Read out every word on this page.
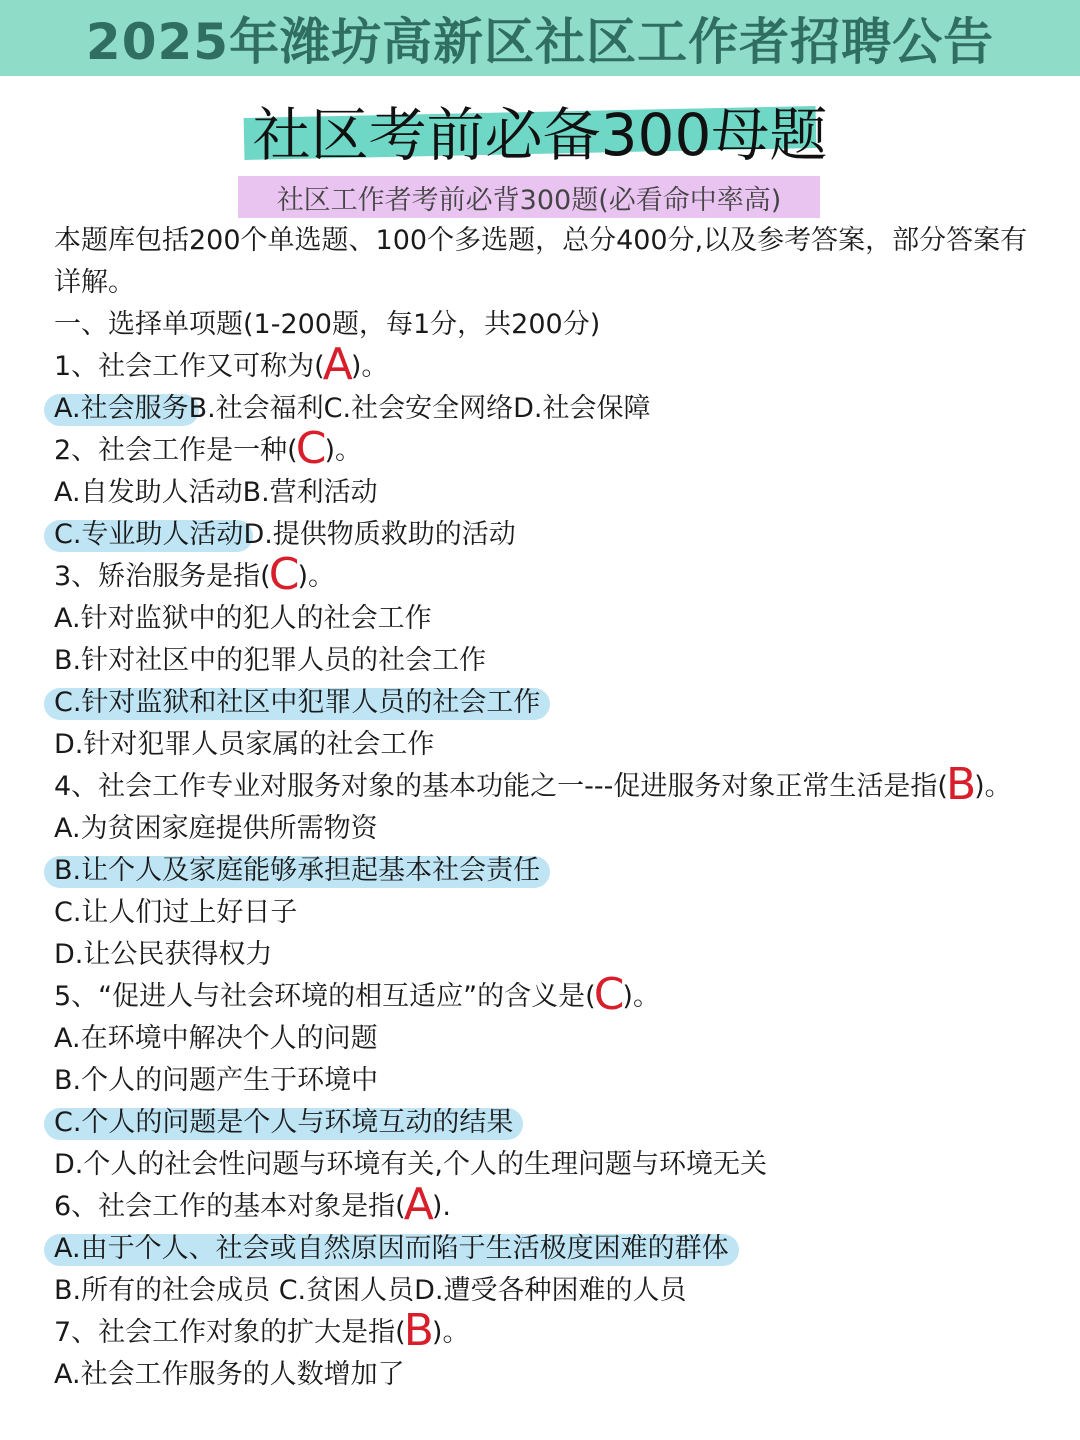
2025年潍坊高新区社区工作者招聘公告
社区考前必备300母题
社区工作者考前必背300题(必看命中率高)
本题库包括200个单选题、100个多选题，总分400分,以及参考答案，部分答案有详解。
一、选择单项题(1-200题，每1分，共200分)
1、社会工作又可称为(A)。
A.社会服务B.社会福利C.社会安全网络D.社会保障
2、社会工作是一种(C)。
A.自发助人活动B.营利活动
C.专业助人活动D.提供物质救助的活动
3、矫治服务是指(C)。
A.针对监狱中的犯人的社会工作
B.针对社区中的犯罪人员的社会工作
C.针对监狱和社区中犯罪人员的社会工作
D.针对犯罪人员家属的社会工作
4、社会工作专业对服务对象的基本功能之一---促进服务对象正常生活是指(B)。
A.为贫困家庭提供所需物资
B.让个人及家庭能够承担起基本社会责任
C.让人们过上好日子
D.让公民获得权力
5、“促进人与社会环境的相互适应”的含义是(C)。
A.在环境中解决个人的问题
B.个人的问题产生于环境中
C.个人的问题是个人与环境互动的结果
D.个人的社会性问题与环境有关,个人的生理问题与环境无关
6、社会工作的基本对象是指(A).
A.由于个人、社会或自然原因而陷于生活极度困难的群体
B.所有的社会成员 C.贫困人员D.遭受各种困难的人员
7、社会工作对象的扩大是指(B)。
A.社会工作服务的人数增加了
